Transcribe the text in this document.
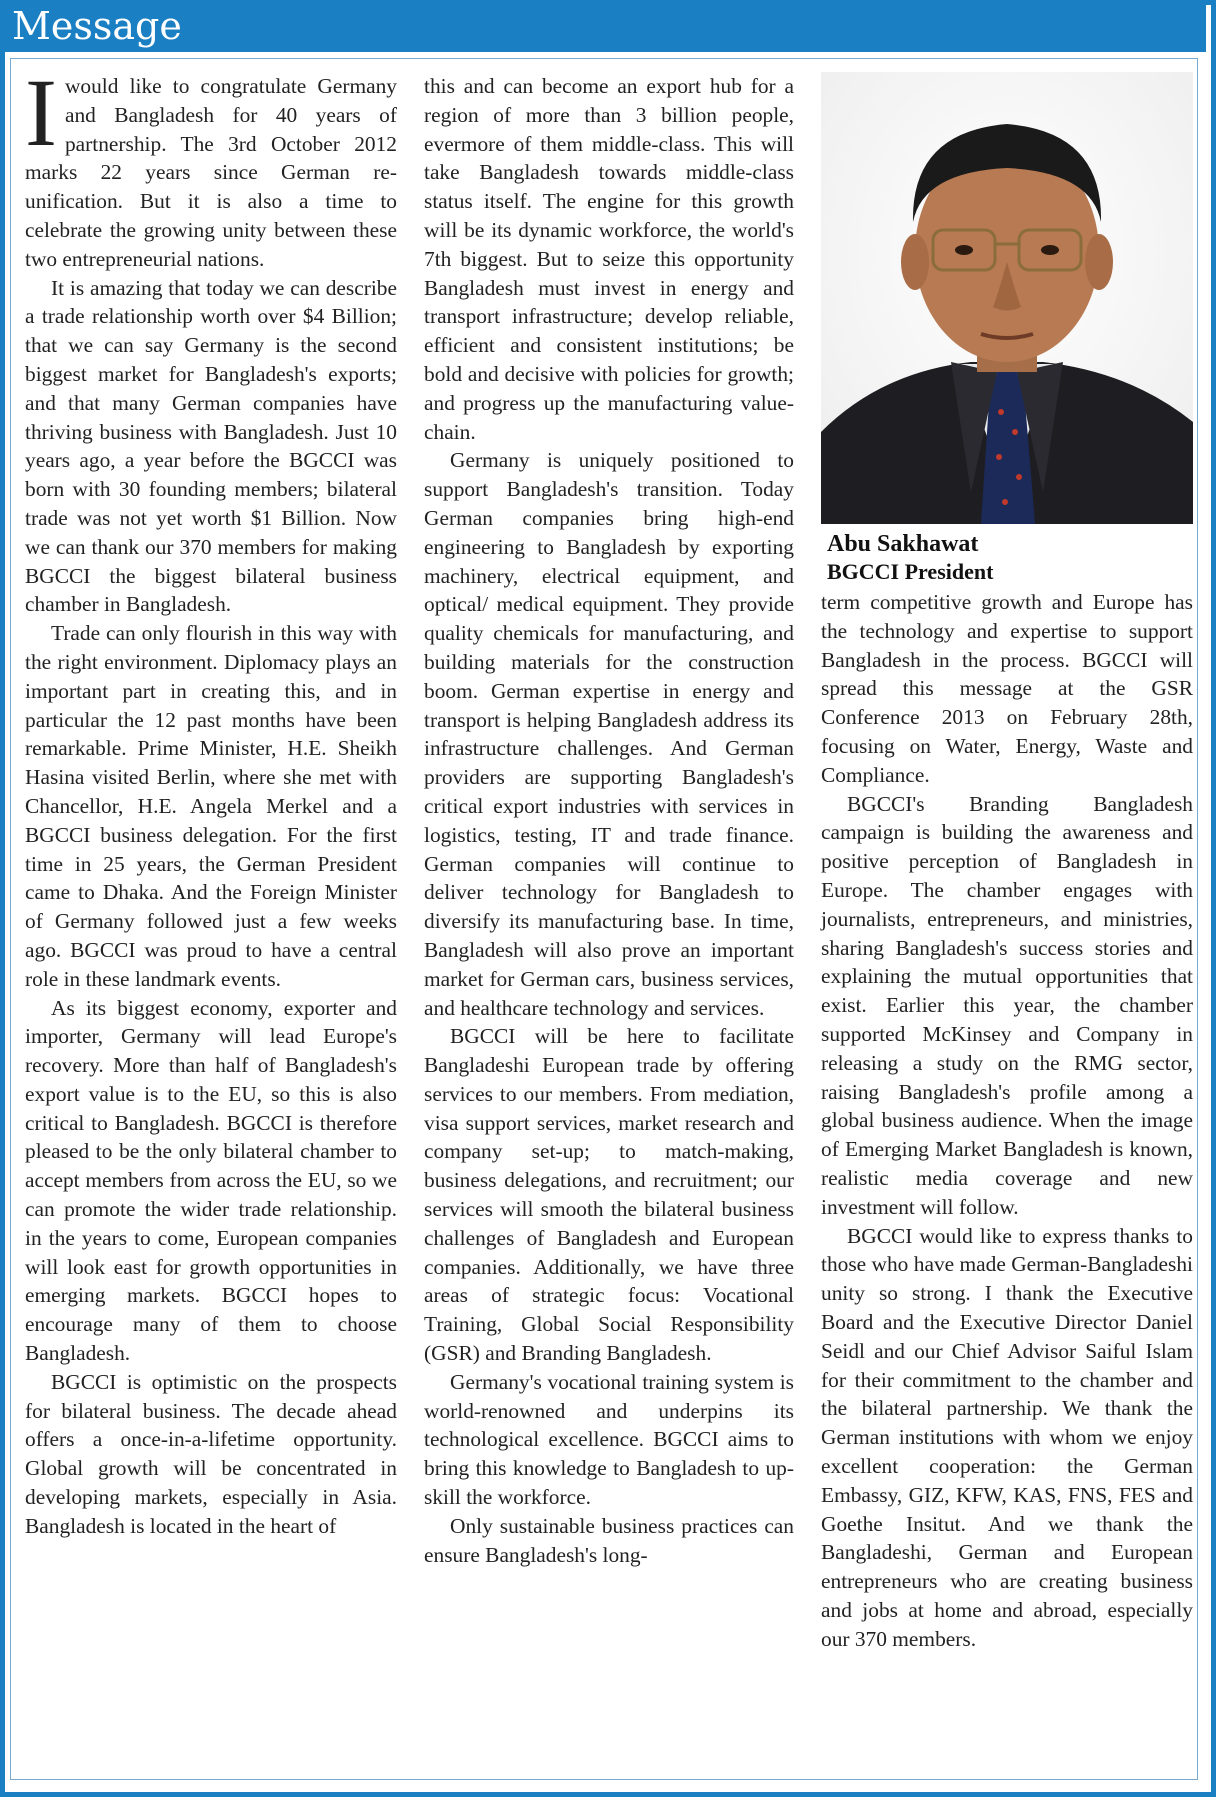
Message

Iwould like to congratulate Germany and Bangladesh for 40 years of partnership. The 3rd October 2012 marks 22 years since German re-unification. But it is also a time to celebrate the growing unity between these two entrepreneurial nations.

It is amazing that today we can describe a trade relationship worth over $4 Billion; that we can say Germany is the second biggest market for Bangladesh's exports; and that many German companies have thriving business with Bangladesh. Just 10 years ago, a year before the BGCCI was born with 30 founding members; bilateral trade was not yet worth $1 Billion. Now we can thank our 370 members for making BGCCI the biggest bilateral business chamber in Bangladesh.

Trade can only flourish in this way with the right environment. Diplomacy plays an important part in creating this, and in particular the 12 past months have been remarkable. Prime Minister, H.E. Sheikh Hasina visited Berlin, where she met with Chancellor, H.E. Angela Merkel and a BGCCI business delegation. For the first time in 25 years, the German President came to Dhaka. And the Foreign Minister of Germany followed just a few weeks ago. BGCCI was proud to have a central role in these landmark events.

As its biggest economy, exporter and importer, Germany will lead Europe's recovery. More than half of Bangladesh's export value is to the EU, so this is also critical to Bangladesh. BGCCI is therefore pleased to be the only bilateral chamber to accept members from across the EU, so we can promote the wider trade relationship. in the years to come, European companies will look east for growth opportunities in emerging markets. BGCCI hopes to encourage many of them to choose Bangladesh.

BGCCI is optimistic on the prospects for bilateral business. The decade ahead offers a once-in-a-lifetime opportunity. Global growth will be concentrated in developing markets, especially in Asia. Bangladesh is located in the heart of

this and can become an export hub for a region of more than 3 billion people, evermore of them middle-class. This will take Bangladesh towards middle-class status itself. The engine for this growth will be its dynamic workforce, the world's 7th biggest. But to seize this opportunity Bangladesh must invest in energy and transport infrastructure; develop reliable, efficient and consistent institutions; be bold and decisive with policies for growth; and progress up the manufacturing value-chain.

Germany is uniquely positioned to support Bangladesh's transition. Today German companies bring high-end engineering to Bangladesh by exporting machinery, electrical equipment, and optical/ medical equipment. They provide quality chemicals for manufacturing, and building materials for the construction boom. German expertise in energy and transport is helping Bangladesh address its infrastructure challenges. And German providers are supporting Bangladesh's critical export industries with services in logistics, testing, IT and trade finance. German companies will continue to deliver technology for Bangladesh to diversify its manufacturing base. In time, Bangladesh will also prove an important market for German cars, business services, and healthcare technology and services.

BGCCI will be here to facilitate Bangladeshi European trade by offering services to our members. From mediation, visa support services, market research and company set-up; to match-making, business delegations, and recruitment; our services will smooth the bilateral business challenges of Bangladesh and European companies. Additionally, we have three areas of strategic focus: Vocational Training, Global Social Responsibility (GSR) and Branding Bangladesh.

Germany's vocational training system is world-renowned and underpins its technological excellence. BGCCI aims to bring this knowledge to Bangladesh to up-skill the workforce.

Only sustainable business practices can ensure Bangladesh's long-

Abu Sakhawat
BGCCI President

term competitive growth and Europe has the technology and expertise to support Bangladesh in the process. BGCCI will spread this message at the GSR Conference 2013 on February 28th, focusing on Water, Energy, Waste and Compliance.

BGCCI's Branding Bangladesh campaign is building the awareness and positive perception of Bangladesh in Europe. The chamber engages with journalists, entrepreneurs, and ministries, sharing Bangladesh's success stories and explaining the mutual opportunities that exist. Earlier this year, the chamber supported McKinsey and Company in releasing a study on the RMG sector, raising Bangladesh's profile among a global business audience. When the image of Emerging Market Bangladesh is known, realistic media coverage and new investment will follow.

BGCCI would like to express thanks to those who have made German-Bangladeshi unity so strong. I thank the Executive Board and the Executive Director Daniel Seidl and our Chief Advisor Saiful Islam for their commitment to the chamber and the bilateral partnership. We thank the German institutions with whom we enjoy excellent cooperation: the German Embassy, GIZ, KFW, KAS, FNS, FES and Goethe Insitut. And we thank the Bangladeshi, German and European entrepreneurs who are creating business and jobs at home and abroad, especially our 370 members.
